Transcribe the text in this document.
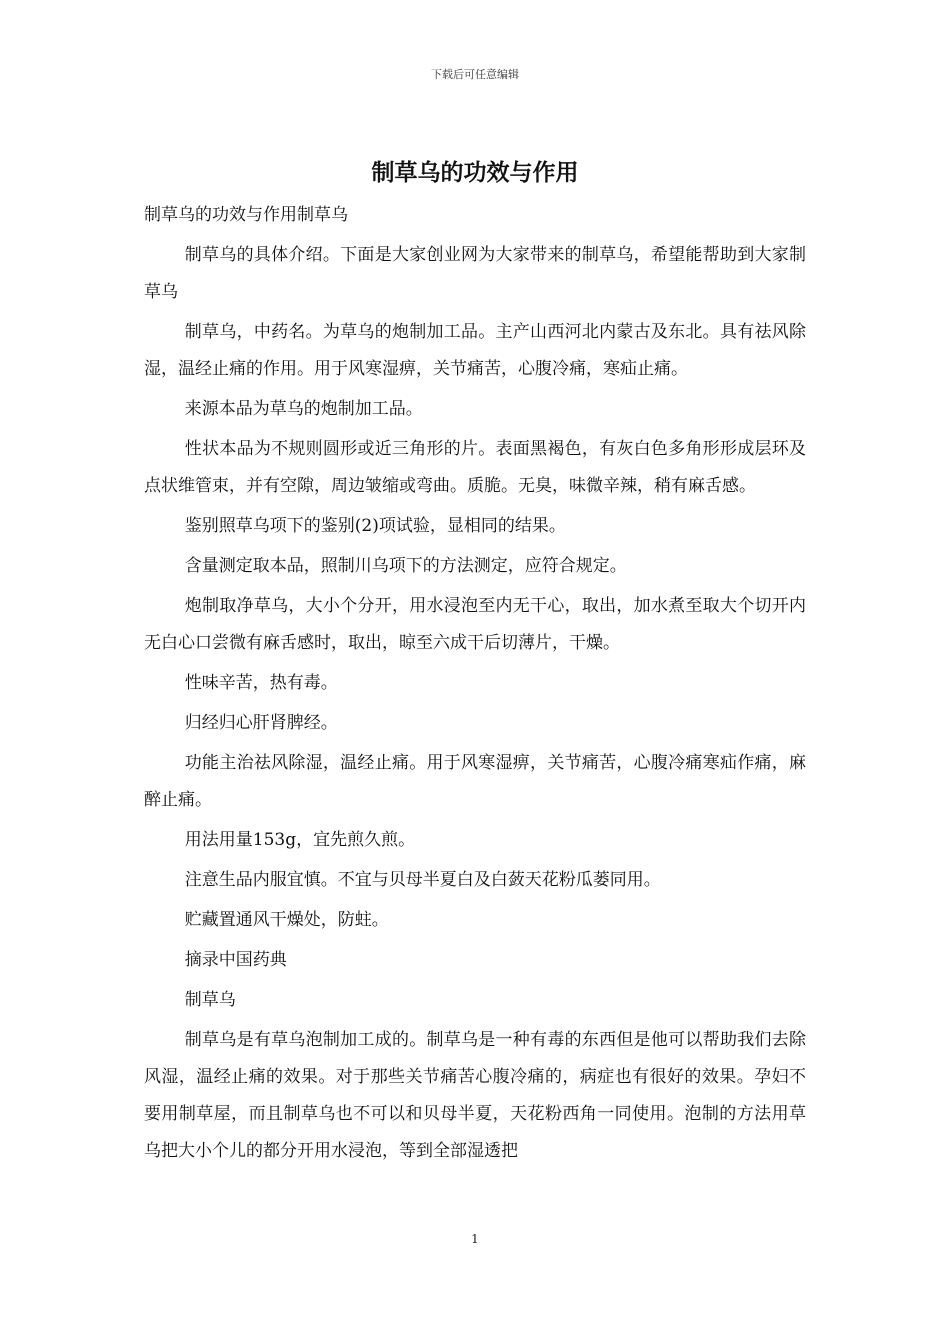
下载后可任意编辑
制草乌的功效与作用

制草乌的功效与作用制草乌

制草乌的具体介绍。下面是大家创业网为大家带来的制草乌，希望能帮助到大家制草乌

制草乌，中药名。为草乌的炮制加工品。主产山西河北内蒙古及东北。具有祛风除湿，温经止痛的作用。用于风寒湿痹，关节痛苦，心腹冷痛，寒疝止痛。

来源本品为草乌的炮制加工品。

性状本品为不规则圆形或近三角形的片。表面黑褐色，有灰白色多角形形成层环及点状维管束，并有空隙，周边皱缩或弯曲。质脆。无臭，味微辛辣，稍有麻舌感。

鉴别照草乌项下的鉴别(2)项试验，显相同的结果。

含量测定取本品，照制川乌项下的方法测定，应符合规定。

炮制取净草乌，大小个分开，用水浸泡至内无干心，取出，加水煮至取大个切开内无白心口尝微有麻舌感时，取出，晾至六成干后切薄片，干燥。

性味辛苦，热有毒。

归经归心肝肾脾经。

功能主治祛风除湿，温经止痛。用于风寒湿痹，关节痛苦，心腹冷痛寒疝作痛，麻醉止痛。

用法用量153g，宜先煎久煎。

注意生品内服宜慎。不宜与贝母半夏白及白蔹天花粉瓜蒌同用。

贮藏置通风干燥处，防蛀。

摘录中国药典

制草乌

制草乌是有草乌泡制加工成的。制草乌是一种有毒的东西但是他可以帮助我们去除风湿，温经止痛的效果。对于那些关节痛苦心腹冷痛的，病症也有很好的效果。孕妇不要用制草屋，而且制草乌也不可以和贝母半夏，天花粉西角一同使用。泡制的方法用草乌把大小个儿的都分开用水浸泡，等到全部湿透把

1
